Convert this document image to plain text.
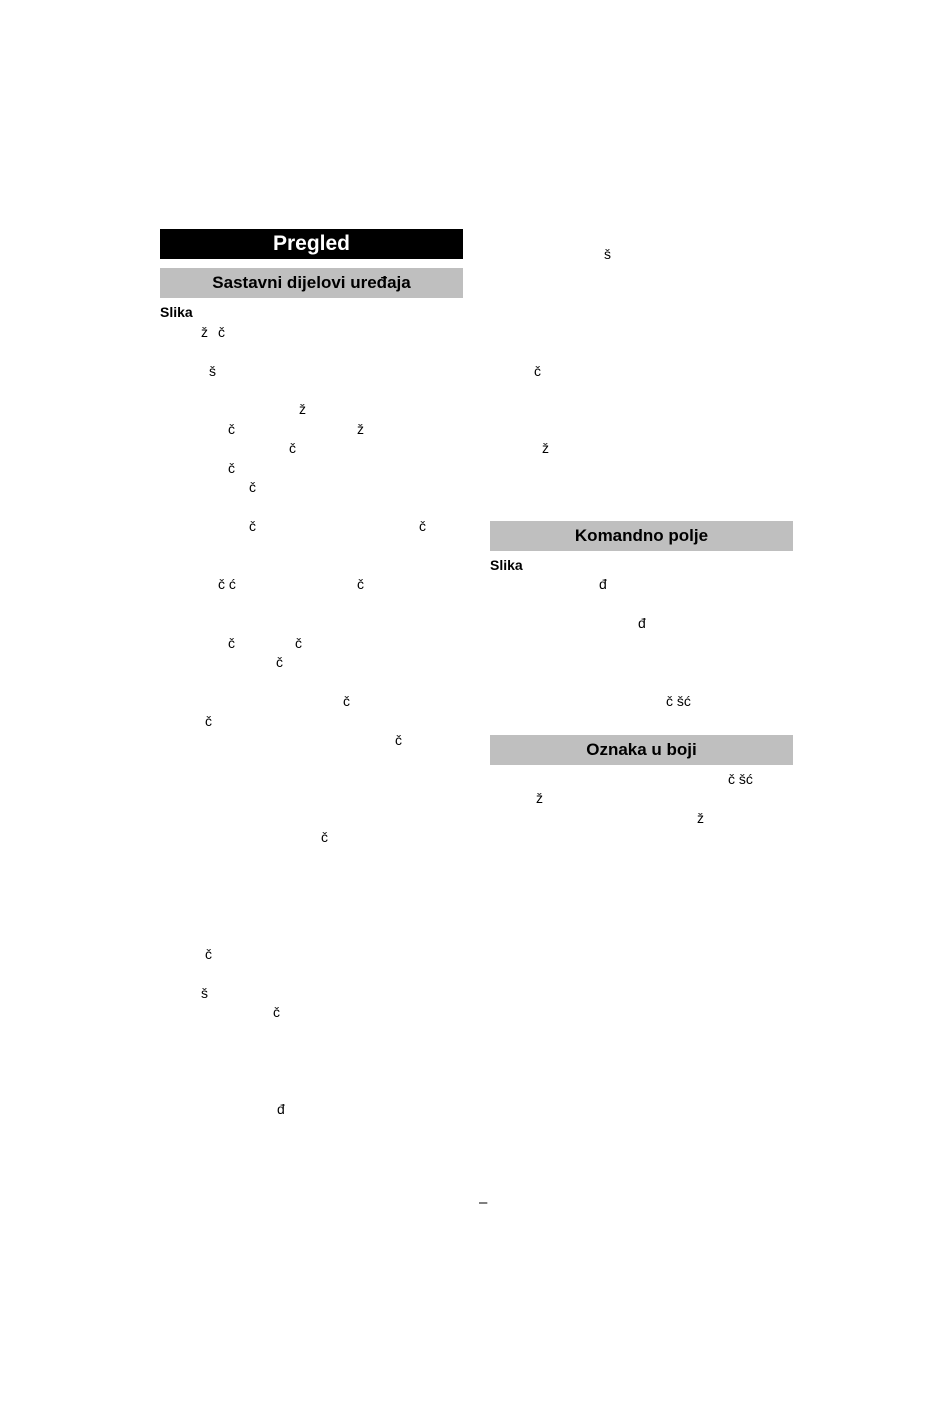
Pregled
Sastavni dijelovi uređaja
Slika
ž č
š
ž
č	ž
č
č
č
č	č
č ć	č
č	č
č
č
č
č
č
č
š
č
đ
š
č
ž
Komandno polje
Slika
đ
đ
č šć
Oznaka u boji
č šć
ž
ž
–
